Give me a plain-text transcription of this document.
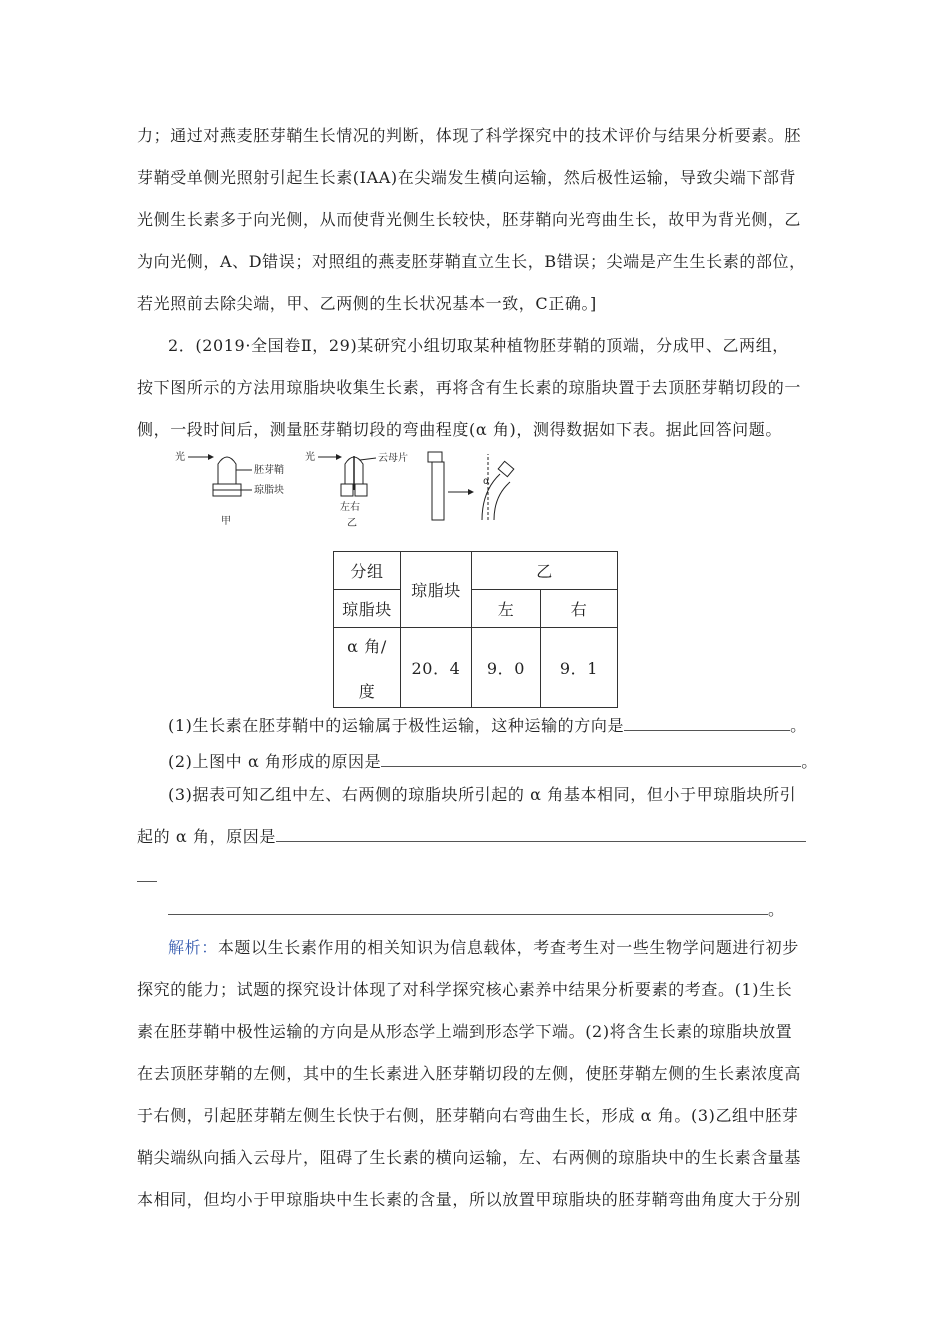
力；通过对燕麦胚芽鞘生长情况的判断，体现了科学探究中的技术评价与结果分析要素。胚
芽鞘受单侧光照射引起生长素(IAA)在尖端发生横向运输，然后极性运输，导致尖端下部背
光侧生长素多于向光侧，从而使背光侧生长较快，胚芽鞘向光弯曲生长，故甲为背光侧，乙
为向光侧，A、D错误；对照组的燕麦胚芽鞘直立生长，B错误；尖端是产生生长素的部位，
若光照前去除尖端，甲、乙两侧的生长状况基本一致，C正确。]
2．(2019·全国卷Ⅱ，29)某研究小组切取某种植物胚芽鞘的顶端，分成甲、乙两组，
按下图所示的方法用琼脂块收集生长素，再将含有生长素的琼脂块置于去顶胚芽鞘切段的一
侧，一段时间后，测量胚芽鞘切段的弯曲程度(α 角)，测得数据如下表。据此回答问题。
光
胚芽鞘
琼脂块
甲
光	云母片
左右
乙
α
分组	琼脂块	乙	
琼脂块		左	右

α 角/
度	20．4	9．0	9．1
(1)生长素在胚芽鞘中的运输属于极性运输，这种运输的方向是	。
(2)上图中 α 角形成的原因是	。
(3)据表可知乙组中左、右两侧的琼脂块所引起的 α 角基本相同，但小于甲琼脂块所引
起的 α 角，原因是
。
解析：本题以生长素作用的相关知识为信息载体，考查考生对一些生物学问题进行初步
探究的能力；试题的探究设计体现了对科学探究核心素养中结果分析要素的考查。(1)生长
素在胚芽鞘中极性运输的方向是从形态学上端到形态学下端。(2)将含生长素的琼脂块放置
在去顶胚芽鞘的左侧，其中的生长素进入胚芽鞘切段的左侧，使胚芽鞘左侧的生长素浓度高
于右侧，引起胚芽鞘左侧生长快于右侧，胚芽鞘向右弯曲生长，形成 α 角。(3)乙组中胚芽
鞘尖端纵向插入云母片，阻碍了生长素的横向运输，左、右两侧的琼脂块中的生长素含量基
本相同，但均小于甲琼脂块中生长素的含量，所以放置甲琼脂块的胚芽鞘弯曲角度大于分别
